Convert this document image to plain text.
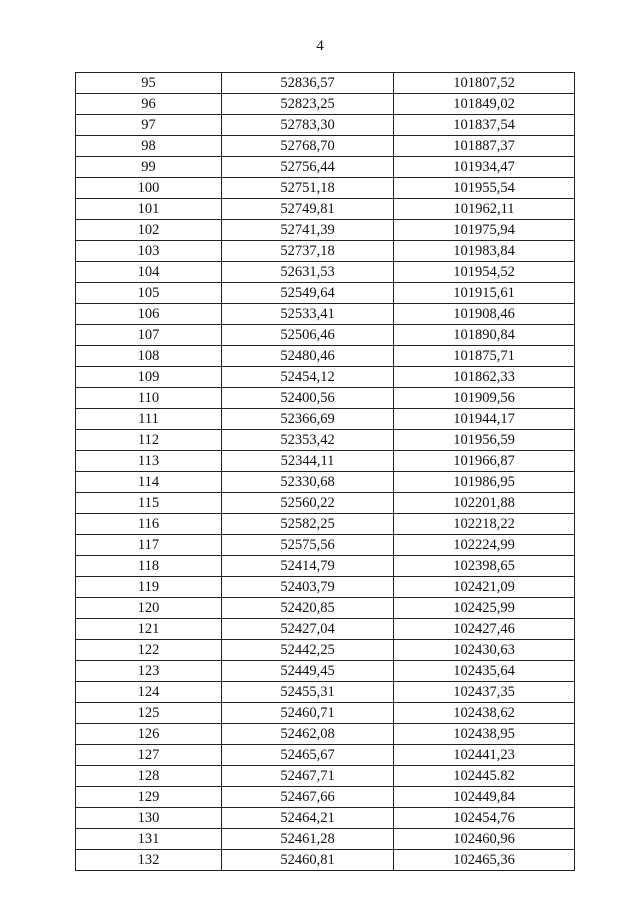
4
95	52836,57	101807,52
96	52823,25	101849,02
97	52783,30	101837,54
98	52768,70	101887,37
99	52756,44	101934,47
100	52751,18	101955,54
101	52749,81	101962,11
102	52741,39	101975,94
103	52737,18	101983,84
104	52631,53	101954,52
105	52549,64	101915,61
106	52533,41	101908,46
107	52506,46	101890,84
108	52480,46	101875,71
109	52454,12	101862,33
110	52400,56	101909,56
111	52366,69	101944,17
112	52353,42	101956,59
113	52344,11	101966,87
114	52330,68	101986,95
115	52560,22	102201,88
116	52582,25	102218,22
117	52575,56	102224,99
118	52414,79	102398,65
119	52403,79	102421,09
120	52420,85	102425,99
121	52427,04	102427,46
122	52442,25	102430,63
123	52449,45	102435,64
124	52455,31	102437,35
125	52460,71	102438,62
126	52462,08	102438,95
127	52465,67	102441,23
128	52467,71	102445.82
129	52467,66	102449,84
130	52464,21	102454,76
131	52461,28	102460,96
132	52460,81	102465,36
